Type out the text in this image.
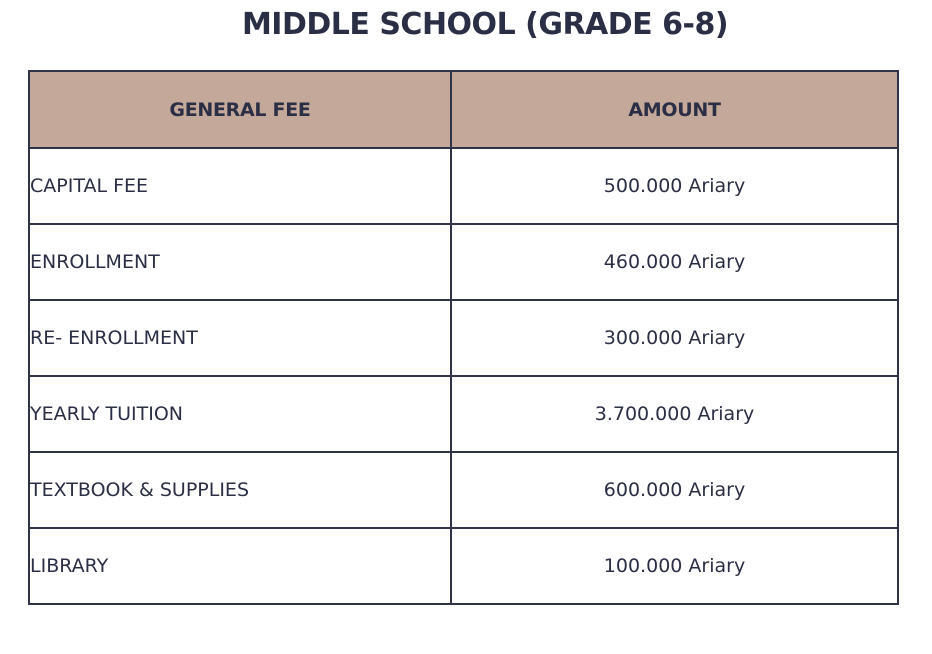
MIDDLE SCHOOL (GRADE 6-8)
GENERAL FEE	AMOUNT
CAPITAL FEE	500.000 Ariary
ENROLLMENT	460.000 Ariary
RE- ENROLLMENT	300.000 Ariary
YEARLY TUITION	3.700.000 Ariary
TEXTBOOK & SUPPLIES	600.000 Ariary
LIBRARY	100.000 Ariary
